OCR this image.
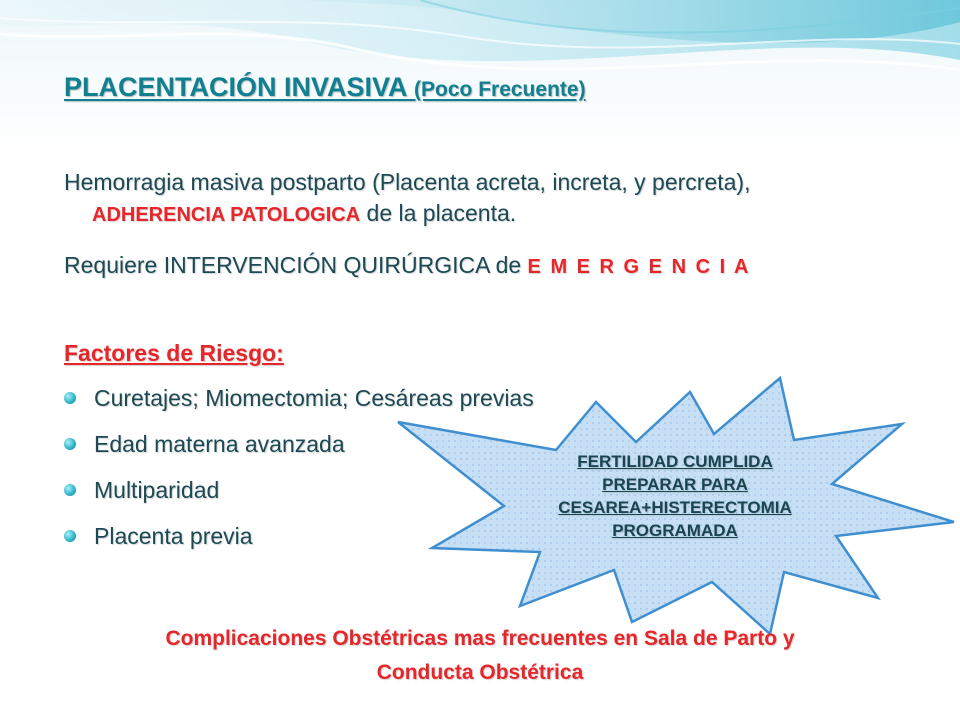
PLACENTACIÓN INVASIVA (Poco Frecuente)

Hemorragia masiva postparto (Placenta acreta, increta, y percreta), ADHERENCIA PATOLOGICA de la placenta.

Requiere INTERVENCIÓN QUIRÚRGICA de E M E R G E N C I A

Factores de Riesgo:
Curetajes; Miomectomia; Cesáreas previas
Edad materna avanzada
Multiparidad
Placenta previa

FERTILIDAD CUMPLIDA
PREPARAR PARA
CESAREA+HISTERECTOMIA
PROGRAMADA

Complicaciones Obstétricas mas frecuentes en Sala de Parto y
Conducta Obstétrica
